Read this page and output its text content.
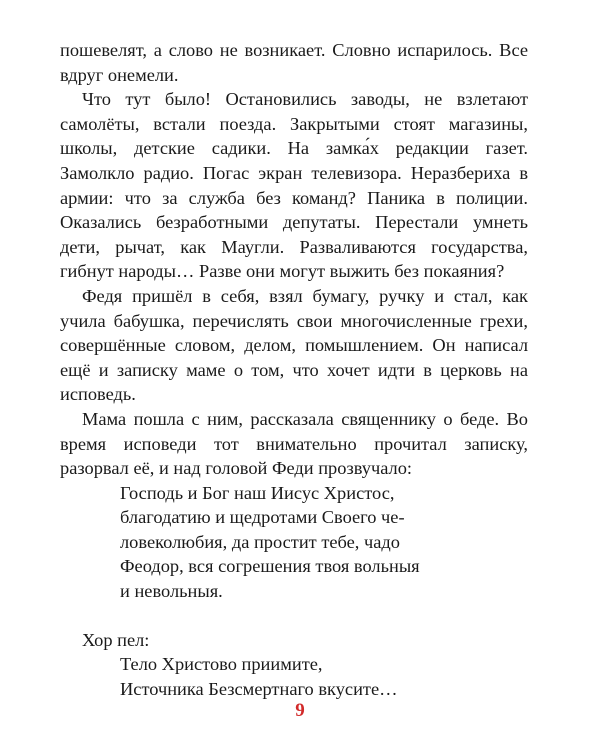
пошевелят, а слово не возникает. Словно испарилось. Все вдруг онемели.

Что тут было! Остановились заводы, не взлетают самолёты, встали поезда. Закрытыми стоят магазины, школы, детские садики. На замка́х редакции газет. Замолкло радио. Погас экран телевизора. Неразбериха в армии: что за служба без команд? Паника в полиции. Оказались безработными депутаты. Перестали умнеть дети, рычат, как Маугли. Разваливаются государства, гибнут народы… Разве они могут выжить без покаяния?

Федя пришёл в себя, взял бумагу, ручку и стал, как учила бабушка, перечислять свои многочисленные грехи, совершённые словом, делом, помышлением. Он написал ещё и записку маме о том, что хочет идти в церковь на исповедь.

Мама пошла с ним, рассказала священнику о беде. Во время исповеди тот внимательно прочитал записку, разорвал её, и над головой Феди прозвучало:

Господь и Бог наш Иисус Христос,
благодатию и щедротами Своего че-
ловеколюбия, да простит тебе, чадо
Феодор, вся согрешения твоя вольныя
и невольныя.

Хор пел:

Тело Христово приимите,
Источника Безсмертнаго вкусите…
9
